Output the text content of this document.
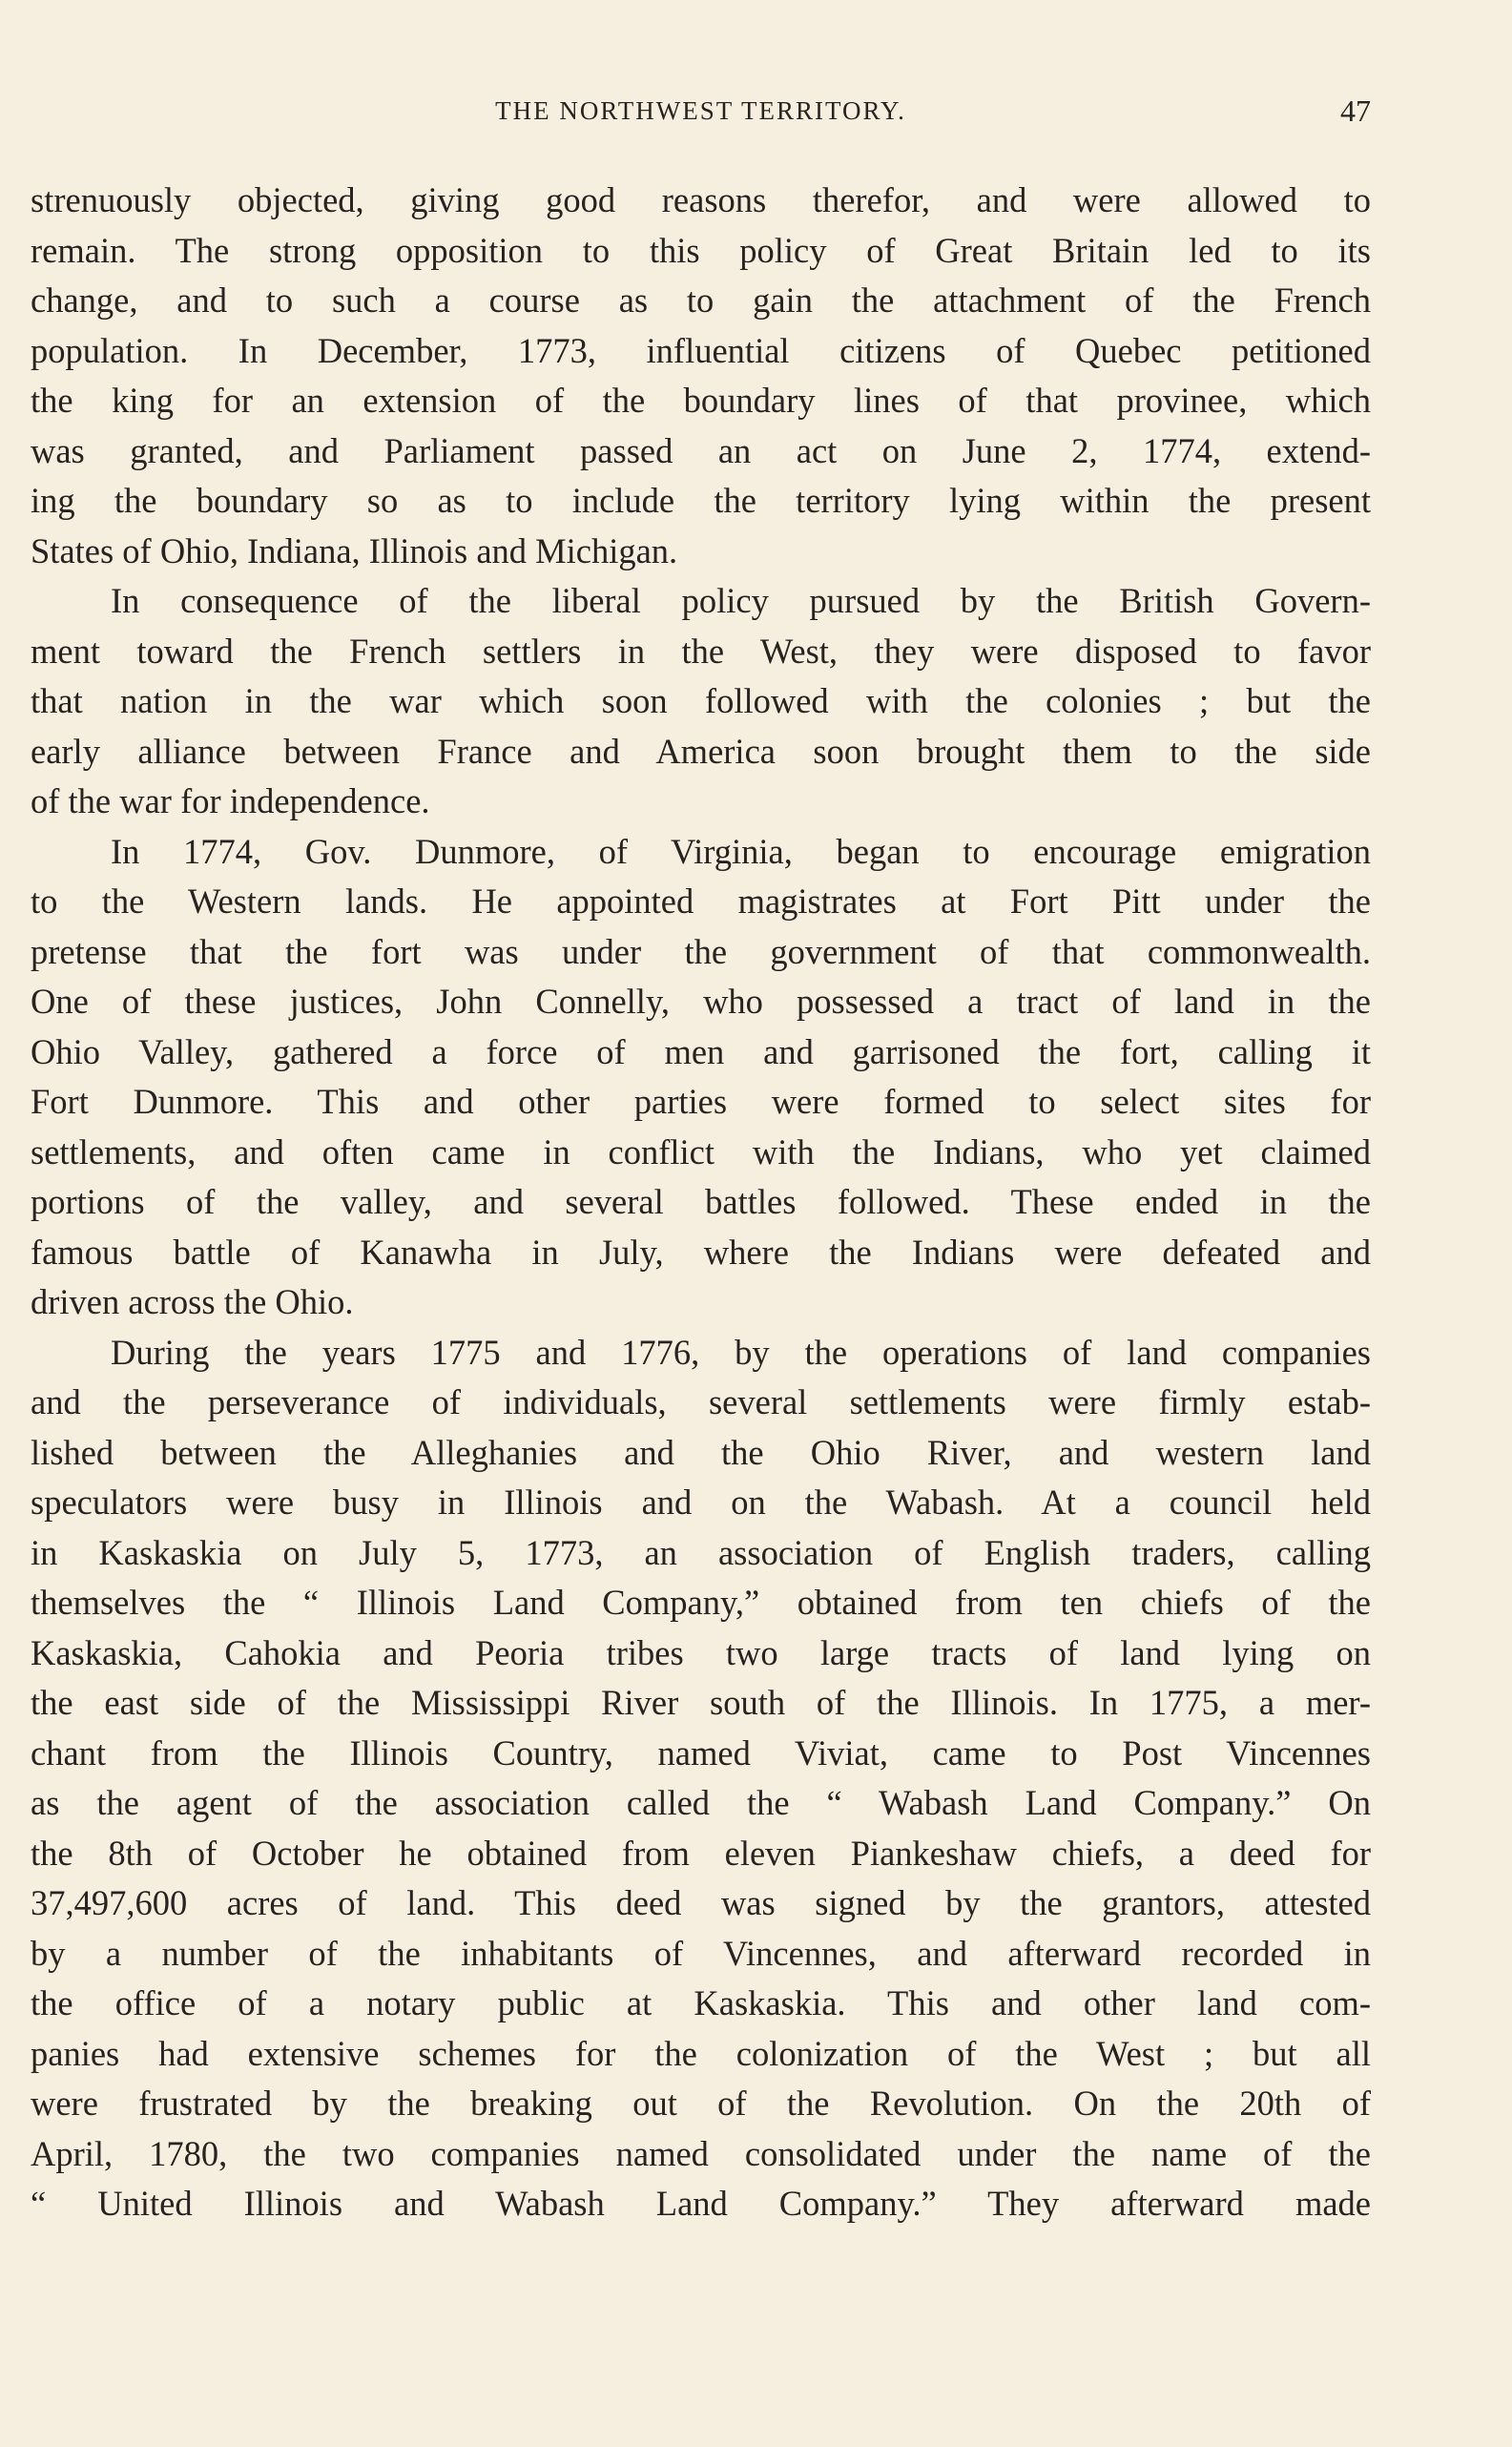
THE NORTHWEST TERRITORY.	47
strenuously objected, giving good reasons therefor, and were allowed to
remain. The strong opposition to this policy of Great Britain led to its
change, and to such a course as to gain the attachment of the French
population. In December, 1773, influential citizens of Quebec petitioned
the king for an extension of the boundary lines of that provinee, which
was granted, and Parliament passed an act on June 2, 1774, extend-
ing the boundary so as to include the territory lying within the present
States of Ohio, Indiana, Illinois and Michigan.
In consequence of the liberal policy pursued by the British Govern-
ment toward the French settlers in the West, they were disposed to favor
that nation in the war which soon followed with the colonies ; but the
early alliance between France and America soon brought them to the side
of the war for independence.
In 1774, Gov. Dunmore, of Virginia, began to encourage emigration
to the Western lands. He appointed magistrates at Fort Pitt under the
pretense that the fort was under the government of that commonwealth.
One of these justices, John Connelly, who possessed a tract of land in the
Ohio Valley, gathered a force of men and garrisoned the fort, calling it
Fort Dunmore. This and other parties were formed to select sites for
settlements, and often came in conflict with the Indians, who yet claimed
portions of the valley, and several battles followed. These ended in the
famous battle of Kanawha in July, where the Indians were defeated and
driven across the Ohio.
During the years 1775 and 1776, by the operations of land companies
and the perseverance of individuals, several settlements were firmly estab-
lished between the Alleghanies and the Ohio River, and western land
speculators were busy in Illinois and on the Wabash. At a council held
in Kaskaskia on July 5, 1773, an association of English traders, calling
themselves the “ Illinois Land Company,” obtained from ten chiefs of the
Kaskaskia, Cahokia and Peoria tribes two large tracts of land lying on
the east side of the Mississippi River south of the Illinois. In 1775, a mer-
chant from the Illinois Country, named Viviat, came to Post Vincennes
as the agent of the association called the “ Wabash Land Company.” On
the 8th of October he obtained from eleven Piankeshaw chiefs, a deed for
37,497,600 acres of land. This deed was signed by the grantors, attested
by a number of the inhabitants of Vincennes, and afterward recorded in
the office of a notary public at Kaskaskia. This and other land com-
panies had extensive schemes for the colonization of the West ; but all
were frustrated by the breaking out of the Revolution. On the 20th of
April, 1780, the two companies named consolidated under the name of the
“ United Illinois and Wabash Land Company.” They afterward made
